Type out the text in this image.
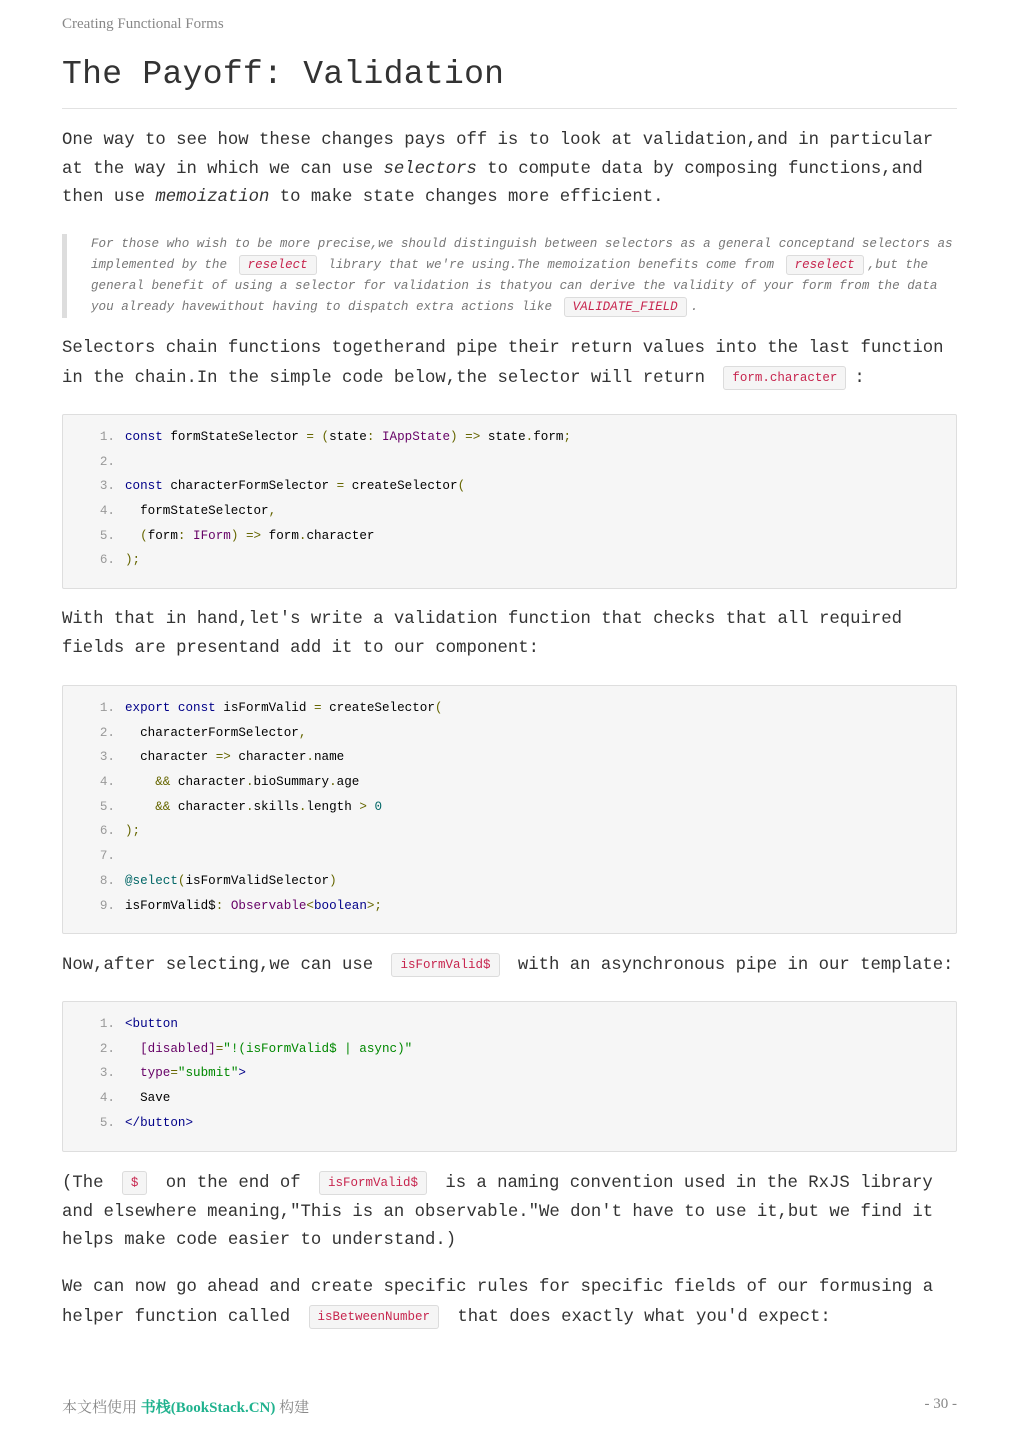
Creating Functional Forms
The Payoff: Validation

One way to see how these changes pays off is to look at validation,and in particular at the way in which we can use selectors to compute data by composing functions,and then use memoization to make state changes more efficient.

For those who wish to be more precise,we should distinguish between selectors as a general conceptand selectors as implemented by the reselect library that we're using.The memoization benefits come from reselect ,but the general benefit of using a selector for validation is thatyou can derive the validity of your form from the data you already havewithout having to dispatch extra actions like VALIDATE_FIELD .

Selectors chain functions togetherand pipe their return values into the last function in the chain.In the simple code below,the selector will return form.character :

1. const formStateSelector = (state: IAppState) => state.form;
2.
3. const characterFormSelector = createSelector(
4.  formStateSelector,
5. (form: IForm) => form.character
6. );

With that in hand,let's write a validation function that checks that all required fields are presentand add it to our component:

1. export const isFormValid = createSelector(
2.  characterFormSelector,
3.  character => character.name
4.	&& character.bioSummary.age
5.	&& character.skills.length > 0
6. );
7.
8. @select(isFormValidSelector)
9. isFormValid$: Observable<boolean>;

Now,after selecting,we can use isFormValid$ with an asynchronous pipe in our template:

1. <button
2. [disabled]="!(isFormValid$ | async)"
3. type="submit">
4.  Save
5. </button>

(The $ on the end of isFormValid$ is a naming convention used in the RxJS library and elsewhere meaning,"This is an observable."We don't have to use it,but we find it helps make code easier to understand.)

We can now go ahead and create specific rules for specific fields of our formusing a helper function called isBetweenNumber that does exactly what you'd expect:

本文档使用 书栈(BookStack.CN) 构建	- 30 -
